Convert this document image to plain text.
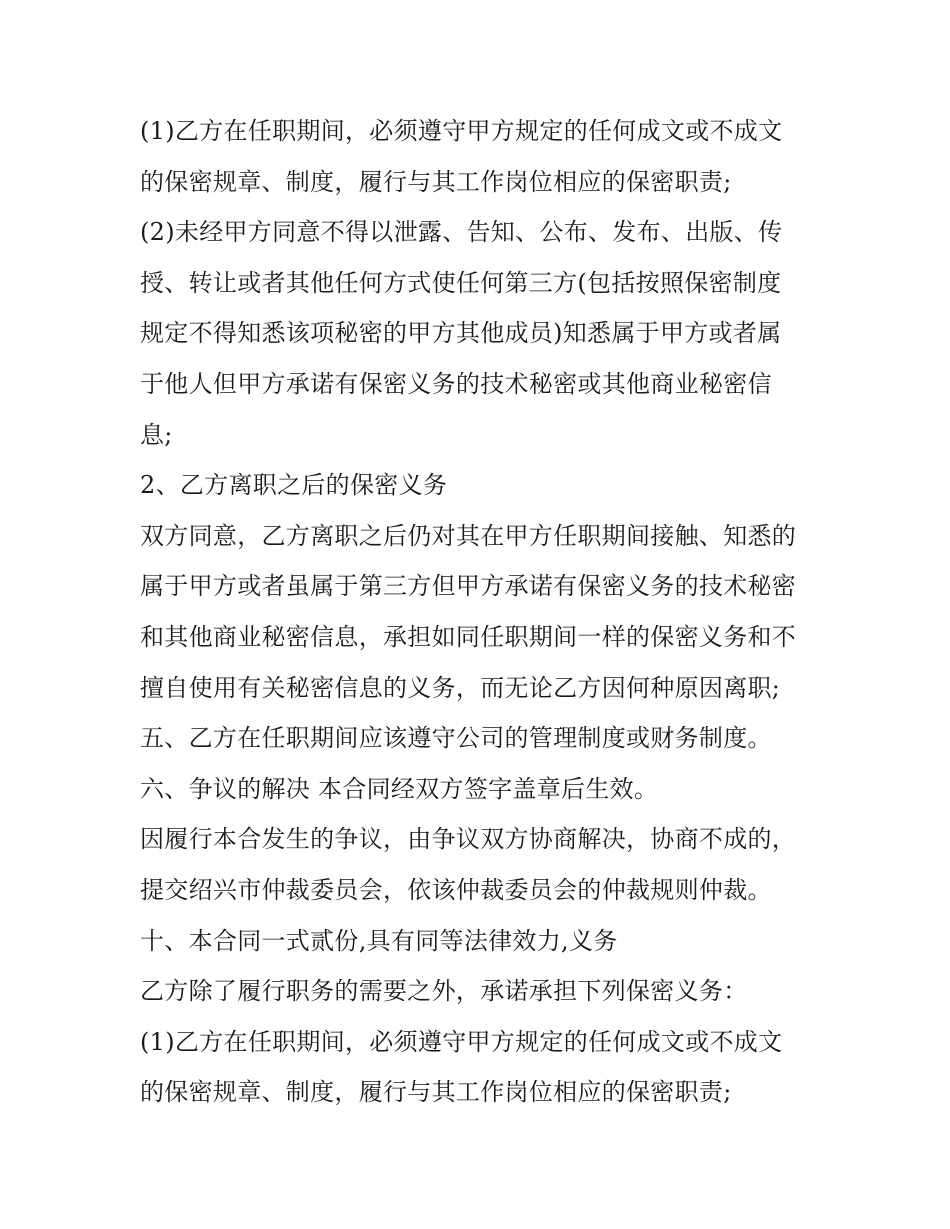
(1)乙方在任职期间，必须遵守甲方规定的任何成文或不成文
的保密规章、制度，履行与其工作岗位相应的保密职责;
(2)未经甲方同意不得以泄露、告知、公布、发布、出版、传
授、转让或者其他任何方式使任何第三方(包括按照保密制度
规定不得知悉该项秘密的甲方其他成员)知悉属于甲方或者属
于他人但甲方承诺有保密义务的技术秘密或其他商业秘密信
息;
2、乙方离职之后的保密义务
双方同意，乙方离职之后仍对其在甲方任职期间接触、知悉的
属于甲方或者虽属于第三方但甲方承诺有保密义务的技术秘密
和其他商业秘密信息，承担如同任职期间一样的保密义务和不
擅自使用有关秘密信息的义务，而无论乙方因何种原因离职;
五、乙方在任职期间应该遵守公司的管理制度或财务制度。
六、争议的解决 本合同经双方签字盖章后生效。
因履行本合发生的争议，由争议双方协商解决，协商不成的，
提交绍兴市仲裁委员会，依该仲裁委员会的仲裁规则仲裁。
十、本合同一式贰份,具有同等法律效力,义务
乙方除了履行职务的需要之外，承诺承担下列保密义务：
(1)乙方在任职期间，必须遵守甲方规定的任何成文或不成文
的保密规章、制度，履行与其工作岗位相应的保密职责;
